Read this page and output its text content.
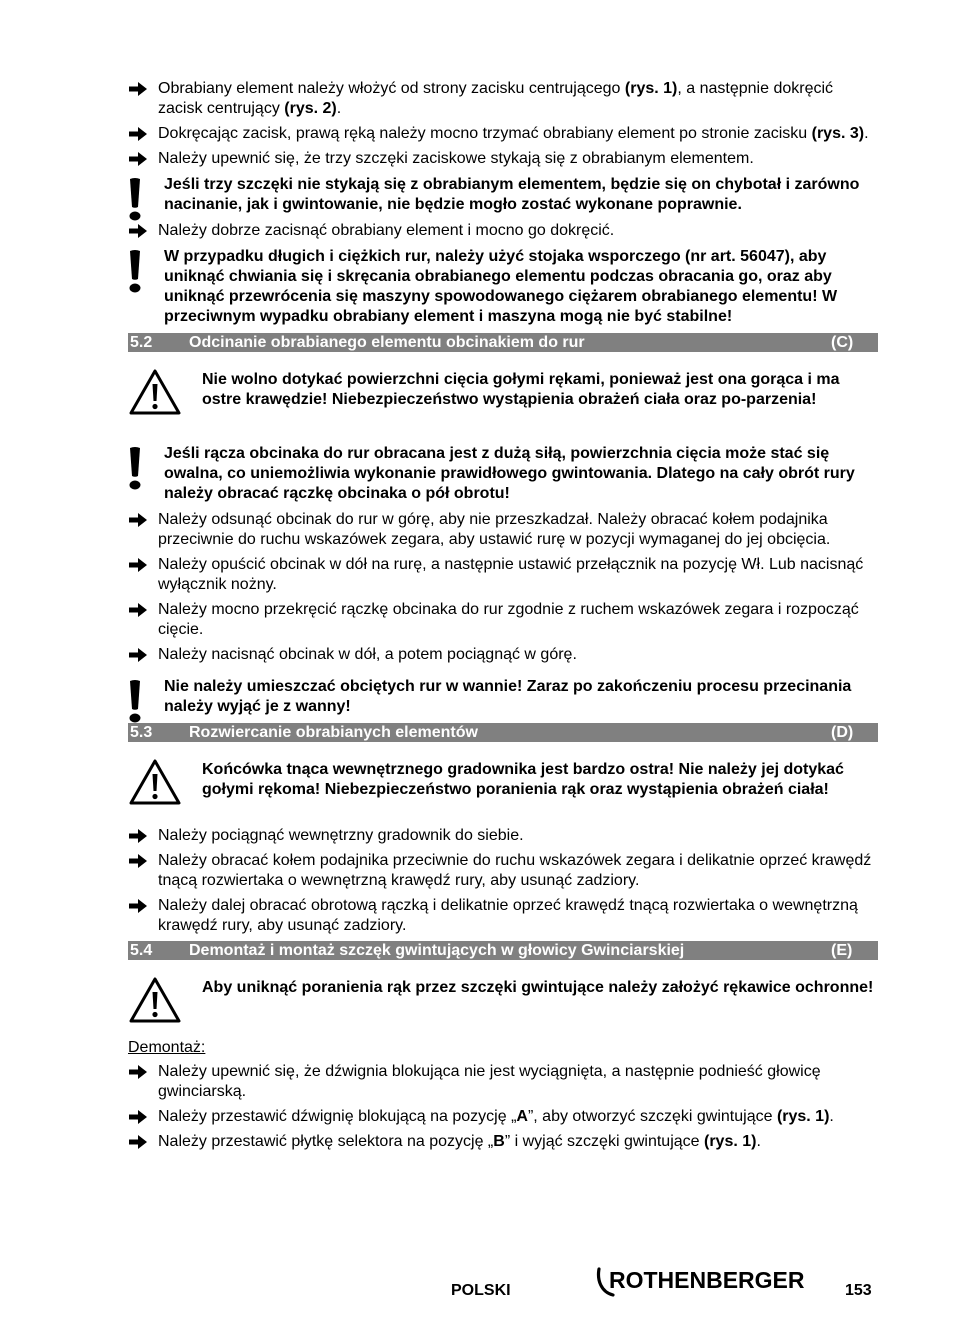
Obrabiany element należy włożyć od strony zacisku centrującego (rys. 1), a następnie dokręcić zacisk centrujący (rys. 2).
Dokręcając zacisk, prawą ręką należy mocno trzymać obrabiany element po stronie zacisku (rys. 3).
Należy upewnić się, że trzy szczęki zaciskowe stykają się z obrabianym elementem.
Jeśli trzy szczęki nie stykają się z obrabianym elementem, będzie się on chybotał i zarówno nacinanie, jak i gwintowanie, nie będzie mogło zostać wykonane poprawnie.
Należy dobrze zacisnąć obrabiany element i mocno go dokręcić.
W przypadku długich i ciężkich rur, należy użyć stojaka wsporczego (nr art. 56047), aby uniknąć chwiania się i skręcania obrabianego elementu podczas obracania go, oraz aby uniknąć przewrócenia się maszyny spowodowanego ciężarem obrabianego elementu! W przeciwnym wypadku obrabiany element i maszyna mogą nie być stabilne!
5.2 Odcinanie obrabianego elementu obcinakiem do rur	(C)
Nie wolno dotykać powierzchni cięcia gołymi rękami, ponieważ jest ona gorąca i ma ostre krawędzie! Niebezpieczeństwo wystąpienia obrażeń ciała oraz po-parzenia!
Jeśli rącza obcinaka do rur obracana jest z dużą siłą, powierzchnia cięcia może stać się owalna, co uniemożliwia wykonanie prawidłowego gwintowania. Dlatego na cały obrót rury należy obracać rączkę obcinaka o pół obrotu!
Należy odsunąć obcinak do rur w górę, aby nie przeszkadzał. Należy obracać kołem podajnika przeciwnie do ruchu wskazówek zegara, aby ustawić rurę w pozycji wymaganej do jej obcięcia.
Należy opuścić obcinak w dół na rurę, a następnie ustawić przełącznik na pozycję Wł. Lub nacisnąć wyłącznik nożny.
Należy mocno przekręcić rączkę obcinaka do rur zgodnie z ruchem wskazówek zegara i rozpocząć cięcie.
Należy nacisnąć obcinak w dół, a potem pociągnąć w górę.
Nie należy umieszczać obciętych rur w wannie! Zaraz po zakończeniu procesu przecinania należy wyjąć je z wanny!
5.3 Rozwiercanie obrabianych elementów	(D)
Końcówka tnąca wewnętrznego gradownika jest bardzo ostra! Nie należy jej dotykać gołymi rękoma! Niebezpieczeństwo poranienia rąk oraz wystąpienia obrażeń ciała!
Należy pociągnąć wewnętrzny gradownik do siebie.
Należy obracać kołem podajnika przeciwnie do ruchu wskazówek zegara i delikatnie oprzeć krawędź tnącą rozwiertaka o wewnętrzną krawędź rury, aby usunąć zadziory.
Należy dalej obracać obrotową rączką i delikatnie oprzeć krawędź tnącą rozwiertaka o wewnętrzną krawędź rury, aby usunąć zadziory.
5.4 Demontaż i montaż szczęk gwintujących w głowicy Gwinciarskiej	(E)
Aby uniknąć poranienia rąk przez szczęki gwintujące należy założyć rękawice ochronne!
Demontaż:
Należy upewnić się, że dźwignia blokująca nie jest wyciągnięta, a następnie podnieść głowicę gwinciarską.
Należy przestawić dźwignię blokującą na pozycję „A”, aby otworzyć szczęki gwintujące (rys. 1).
Należy przestawić płytkę selektora na pozycję „B” i wyjąć szczęki gwintujące (rys. 1).
POLSKI	ROTHENBERGER	153
